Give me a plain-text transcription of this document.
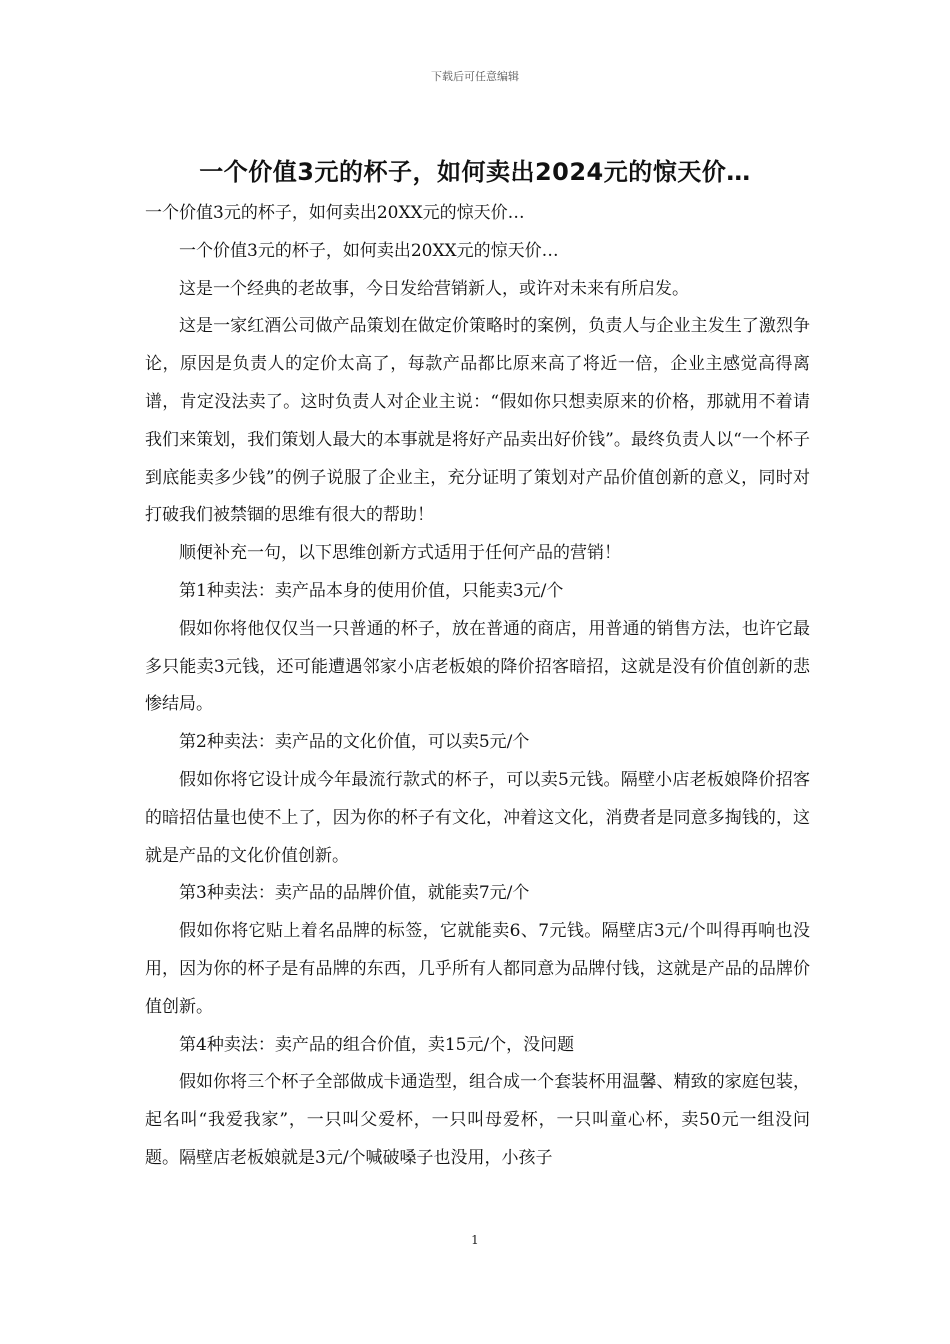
下载后可任意编辑
一个价值3元的杯子，如何卖出2024元的惊天价…

一个价值3元的杯子，如何卖出20XX元的惊天价…

一个价值3元的杯子，如何卖出20XX元的惊天价…

这是一个经典的老故事，今日发给营销新人，或许对未来有所启发。

这是一家红酒公司做产品策划在做定价策略时的案例，负责人与企业主发生了激烈争论，原因是负责人的定价太高了，每款产品都比原来高了将近一倍，企业主感觉高得离谱，肯定没法卖了。这时负责人对企业主说：“假如你只想卖原来的价格，那就用不着请我们来策划，我们策划人最大的本事就是将好产品卖出好价钱”。最终负责人以“一个杯子到底能卖多少钱”的例子说服了企业主，充分证明了策划对产品价值创新的意义，同时对打破我们被禁锢的思维有很大的帮助！

顺便补充一句，以下思维创新方式适用于任何产品的营销！

第1种卖法：卖产品本身的使用价值，只能卖3元/个

假如你将他仅仅当一只普通的杯子，放在普通的商店，用普通的销售方法，也许它最多只能卖3元钱，还可能遭遇邻家小店老板娘的降价招客暗招，这就是没有价值创新的悲惨结局。

第2种卖法：卖产品的文化价值，可以卖5元/个

假如你将它设计成今年最流行款式的杯子，可以卖5元钱。隔壁小店老板娘降价招客的暗招估量也使不上了，因为你的杯子有文化，冲着这文化，消费者是同意多掏钱的，这就是产品的文化价值创新。

第3种卖法：卖产品的品牌价值，就能卖7元/个

假如你将它贴上着名品牌的标签，它就能卖6、7元钱。隔壁店3元/个叫得再响也没用，因为你的杯子是有品牌的东西，几乎所有人都同意为品牌付钱，这就是产品的品牌价值创新。

第4种卖法：卖产品的组合价值，卖15元/个，没问题

假如你将三个杯子全部做成卡通造型，组合成一个套装杯用温馨、精致的家庭包装，起名叫“我爱我家”，一只叫父爱杯，一只叫母爱杯，一只叫童心杯，卖50元一组没问题。隔壁店老板娘就是3元/个喊破嗓子也没用，小孩子

1
